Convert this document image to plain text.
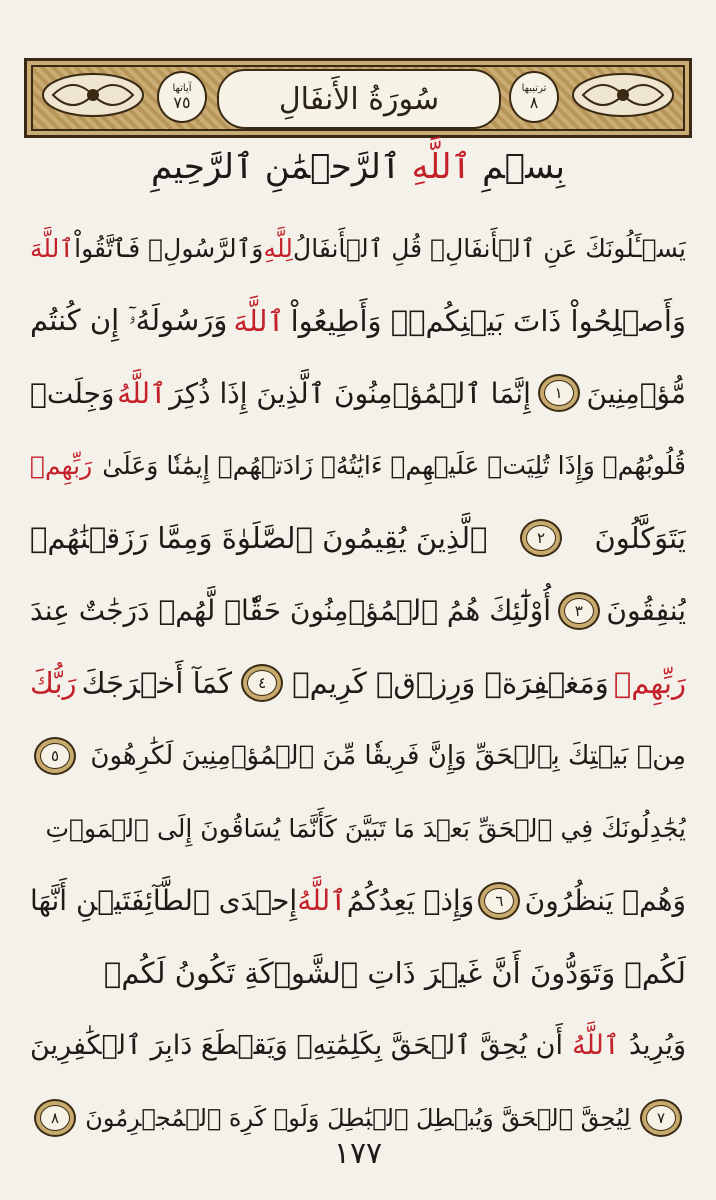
ترتيبها
٨
سُورَةُ الأَنفَالِ
آياتها
٧٥
بِسۡمِ ٱللَّهِ ٱلرَّحۡمَٰنِ ٱلرَّحِيمِ
يَسۡـَٔلُونَكَ عَنِ ٱلۡأَنفَالِۖ قُلِ ٱلۡأَنفَالُ
لِلَّهِ
وَٱلرَّسُولِۖ فَٱتَّقُواْ
ٱللَّهَ
وَأَصۡلِحُواْ ذَاتَ بَيۡنِكُمۡۖ وَأَطِيعُواْ
ٱللَّهَ
وَرَسُولَهُۥٓ إِن كُنتُم
مُّؤۡمِنِينَ
١
إِنَّمَا ٱلۡمُؤۡمِنُونَ ٱلَّذِينَ إِذَا ذُكِرَ
ٱللَّهُ
وَجِلَتۡ
قُلُوبُهُمۡ وَإِذَا تُلِيَتۡ عَلَيۡهِمۡ ءَايَٰتُهُۥ زَادَتۡهُمۡ إِيمَٰنٗا وَعَلَىٰ
رَبِّهِمۡ
يَتَوَكَّلُونَ
٢
ٱلَّذِينَ يُقِيمُونَ ٱلصَّلَوٰةَ وَمِمَّا رَزَقۡنَٰهُمۡ
يُنفِقُونَ
٣
أُوْلَٰٓئِكَ هُمُ ٱلۡمُؤۡمِنُونَ حَقّٗاۚ لَّهُمۡ دَرَجَٰتٌ عِندَ
رَبِّهِمۡ
وَمَغۡفِرَةٞ وَرِزۡقٞ كَرِيمٞ
٤
كَمَآ أَخۡرَجَكَ
رَبُّكَ
مِنۢ بَيۡتِكَ بِٱلۡحَقِّ وَإِنَّ فَرِيقٗا مِّنَ ٱلۡمُؤۡمِنِينَ لَكَٰرِهُونَ
٥
يُجَٰدِلُونَكَ فِي ٱلۡحَقِّ بَعۡدَ مَا تَبَيَّنَ كَأَنَّمَا يُسَاقُونَ إِلَى ٱلۡمَوۡتِ
وَهُمۡ يَنظُرُونَ
٦
وَإِذۡ يَعِدُكُمُ
ٱللَّهُ
إِحۡدَى ٱلطَّآئِفَتَيۡنِ أَنَّهَا
لَكُمۡ وَتَوَدُّونَ أَنَّ غَيۡرَ ذَاتِ ٱلشَّوۡكَةِ تَكُونُ لَكُمۡ
وَيُرِيدُ
ٱللَّهُ
أَن يُحِقَّ ٱلۡحَقَّ بِكَلِمَٰتِهِۦ وَيَقۡطَعَ دَابِرَ ٱلۡكَٰفِرِينَ
٧
لِيُحِقَّ ٱلۡحَقَّ وَيُبۡطِلَ ٱلۡبَٰطِلَ وَلَوۡ كَرِهَ ٱلۡمُجۡرِمُونَ
٨
١٧٧
